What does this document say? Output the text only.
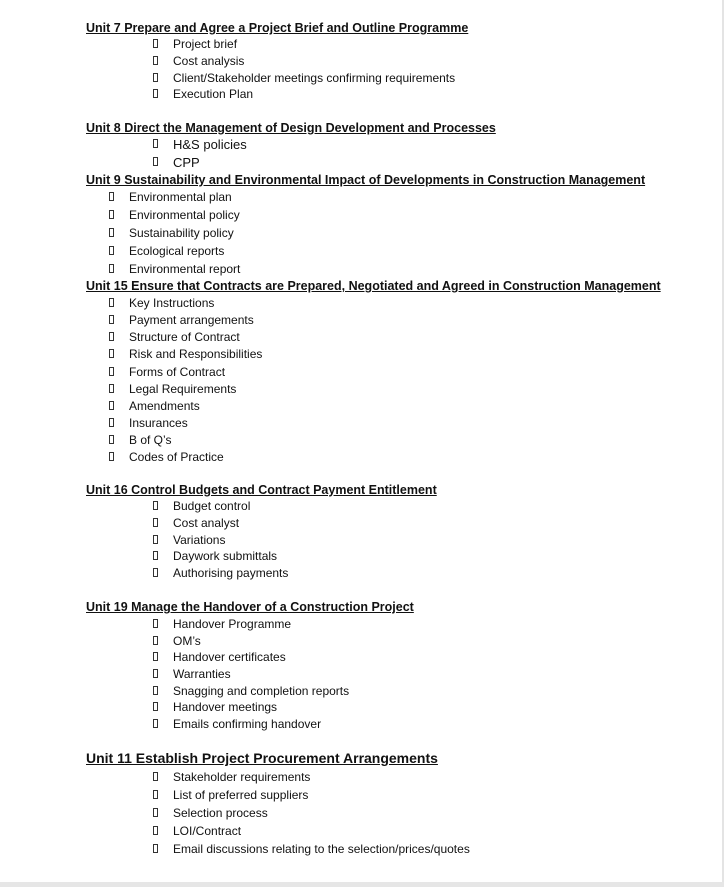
Unit 7 Prepare and Agree a Project Brief and Outline Programme
Project brief
Cost analysis
Client/Stakeholder meetings confirming requirements
Execution Plan
Unit 8 Direct the Management of Design Development and Processes
H&S policies
CPP
Unit 9 Sustainability and Environmental Impact of Developments in Construction Management
Environmental plan
Environmental policy
Sustainability policy
Ecological reports
Environmental report
Unit 15 Ensure that Contracts are Prepared, Negotiated and Agreed in Construction Management
Key Instructions
Payment arrangements
Structure of Contract
Risk and Responsibilities
Forms of Contract
Legal Requirements
Amendments
Insurances
B of Q’s
Codes of Practice
Unit 16 Control Budgets and Contract Payment Entitlement
Budget control
Cost analyst
Variations
Daywork submittals
Authorising payments
Unit 19 Manage the Handover of a Construction Project
Handover Programme
OM’s
Handover certificates
Warranties
Snagging and completion reports
Handover meetings
Emails confirming handover
Unit 11 Establish Project Procurement Arrangements
Stakeholder requirements
List of preferred suppliers
Selection process
LOI/Contract
Email discussions relating to the selection/prices/quotes
